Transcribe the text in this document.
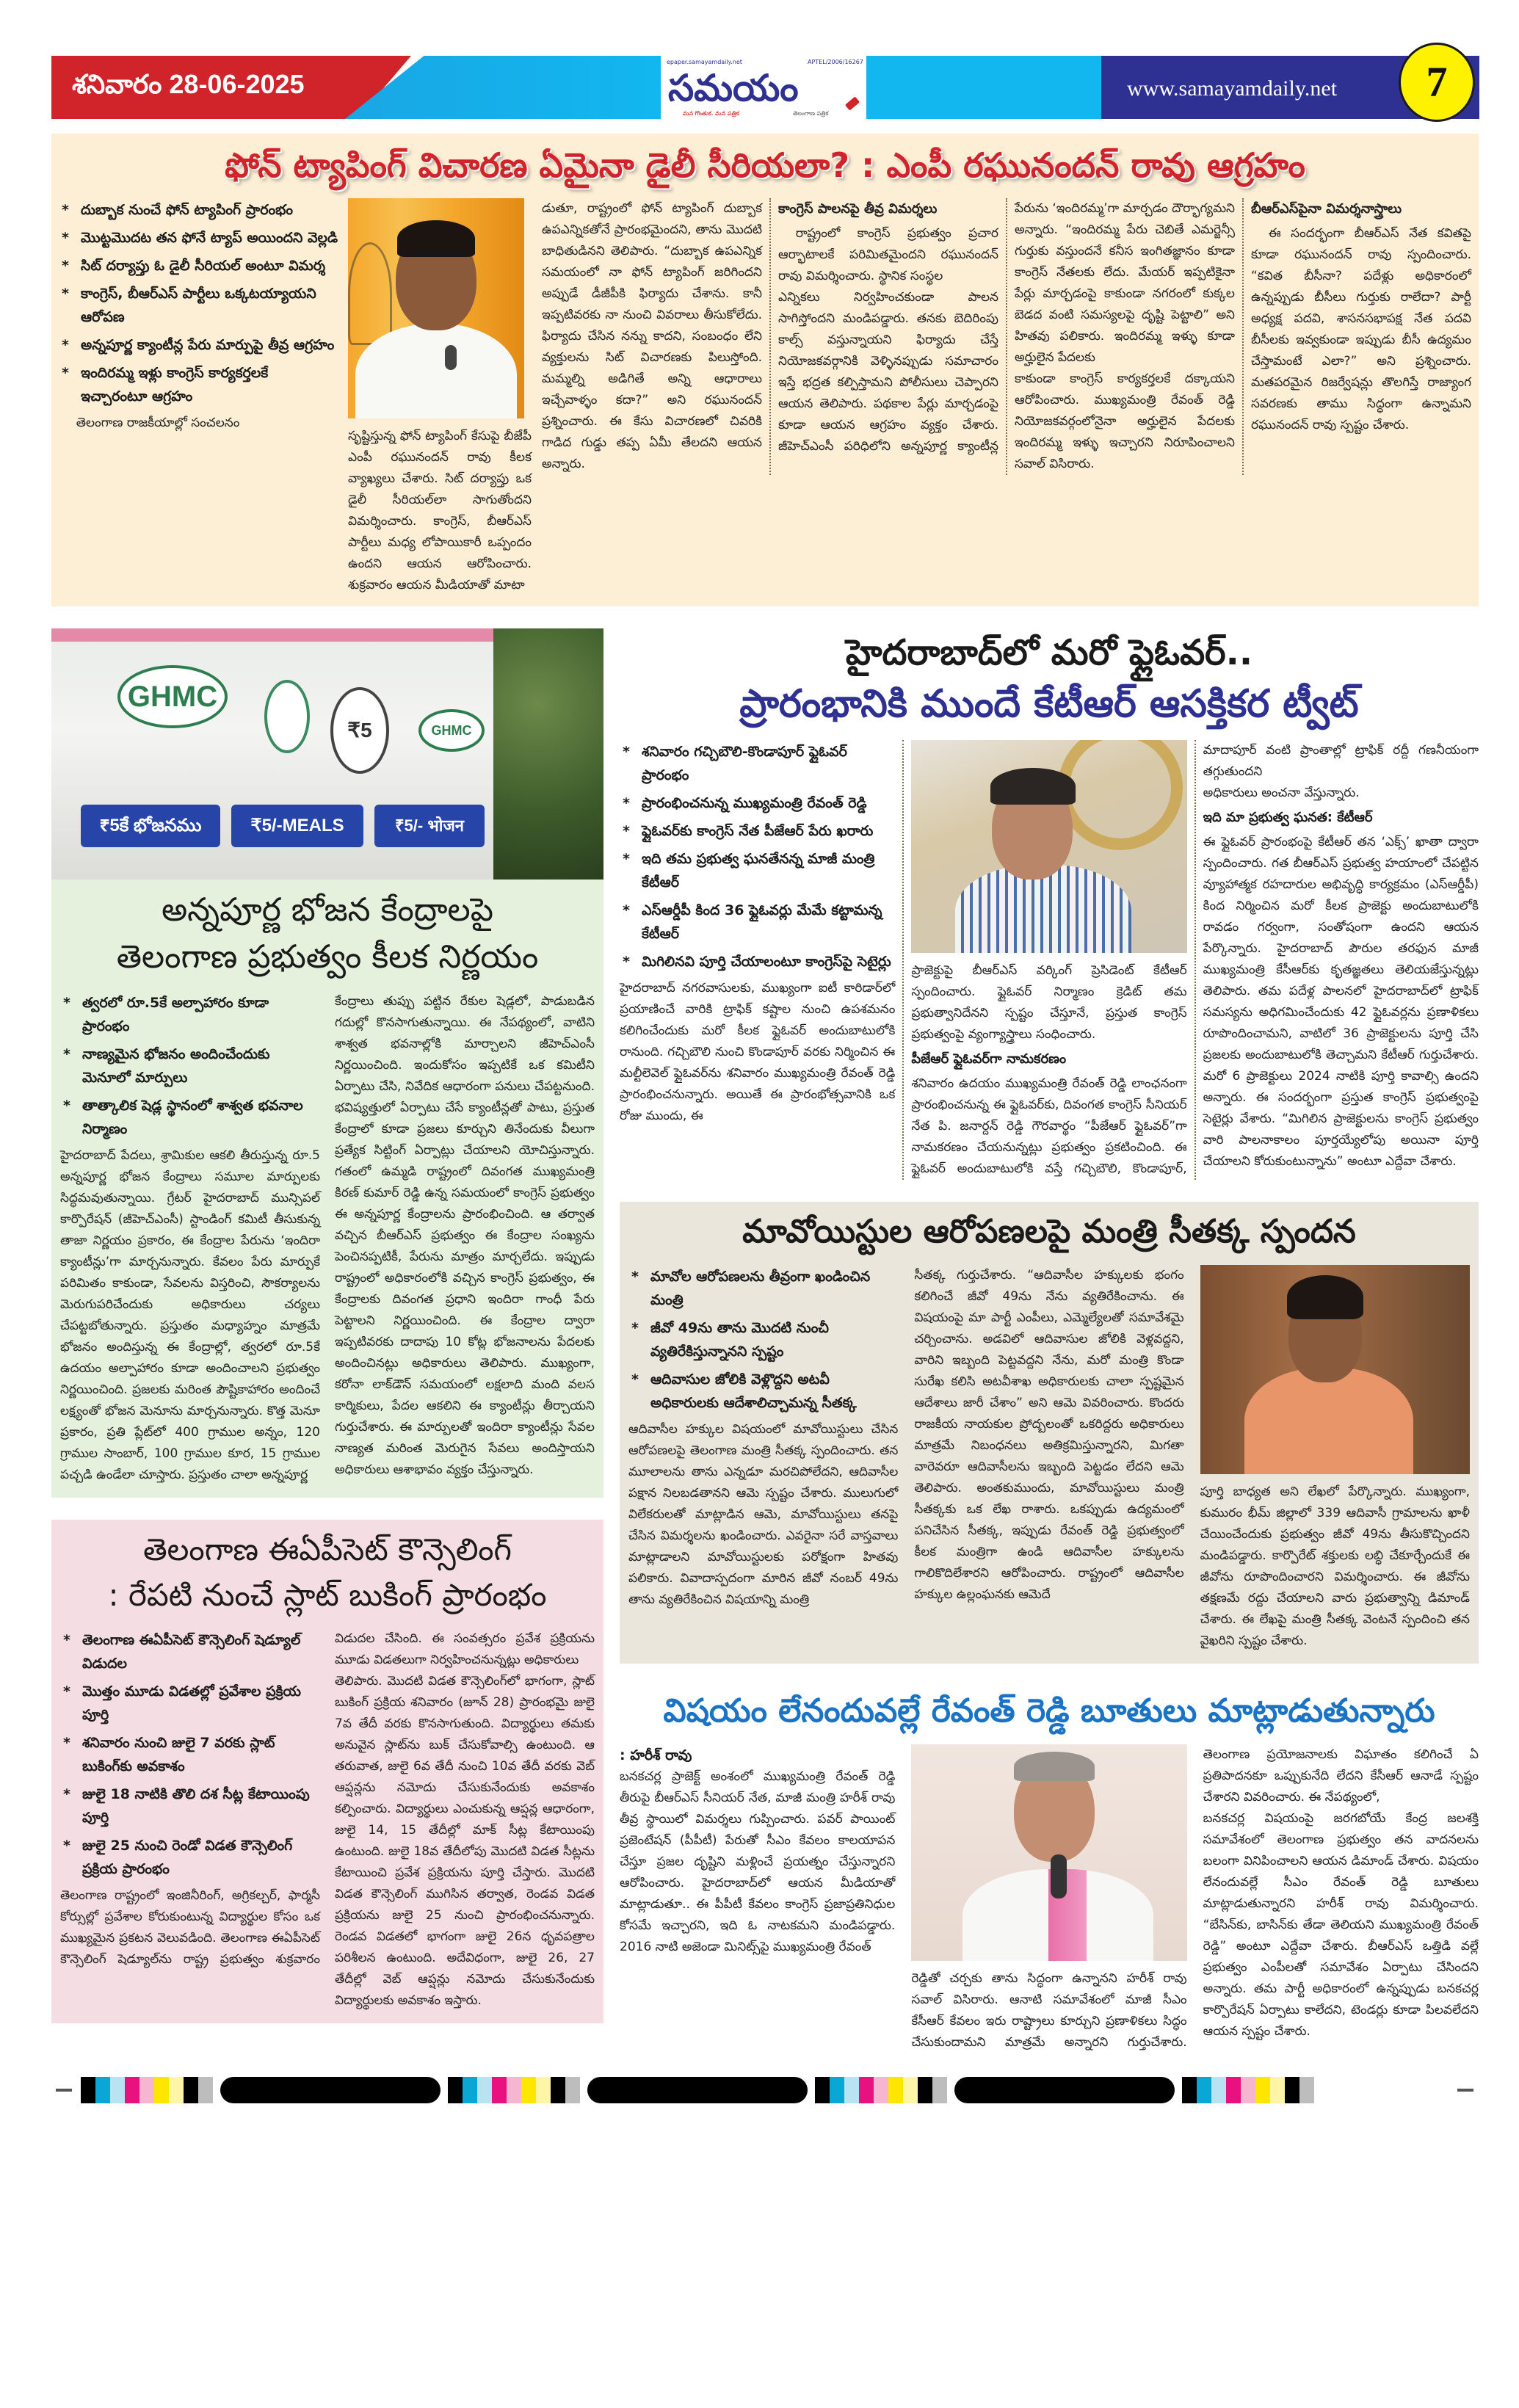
శనివారం 28-06-2025
epaper.samayamdaily.net	APTEL/2006/16267
సమయం
మన గొంతుక. మన పత్రిక	తెలంగాణ పత్రిక
www.samayamdaily.net	7
ఫోన్ ట్యాపింగ్ విచారణ ఏమైనా డైలీ సీరియలా? : ఎంపీ రఘునందన్ రావు ఆగ్రహం
* దుబ్బాక నుంచే ఫోన్ ట్యాపింగ్ ప్రారంభం
* మొట్టమొదట తన ఫోనే ట్యాప్ అయిందని వెల్లడి
* సిట్ దర్యాప్తు ఓ డైలీ సీరియల్ అంటూ విమర్శ
* కాంగ్రెస్, బీఆర్ఎస్ పార్టీలు ఒక్కటయ్యాయని ఆరోపణ
* అన్నపూర్ణ క్యాంటీన్ల పేరు మార్పుపై తీవ్ర ఆగ్రహం
* ఇందిరమ్మ ఇళ్లు కాంగ్రెస్ కార్యకర్తలకే ఇచ్చారంటూ ఆగ్రహం

తెలంగాణ రాజకీయాల్లో సంచలనం

సృష్టిస్తున్న ఫోన్ ట్యాపింగ్ కేసుపై బీజేపీ ఎంపీ రఘునందన్ రావు కీలక వ్యాఖ్యలు చేశారు. సిట్ దర్యాప్తు ఒక డైలీ సీరియల్‌లా సాగుతోందని విమర్శించారు. కాంగ్రెస్, బీఆర్ఎస్ పార్టీలు మధ్య లోపాయికారీ ఒప్పందం ఉందని ఆయన ఆరోపించారు. శుక్రవారం ఆయన మీడియాతో మాటా
డుతూ, రాష్ట్రంలో ఫోన్ ట్యాపింగ్ దుబ్బాక ఉపఎన్నికతోనే ప్రారంభమైందని, తాను మొదటి బాధితుడినని తెలిపారు. “దుబ్బాక ఉపఎన్నిక సమయంలో నా ఫోన్ ట్యాపింగ్ జరిగిందని అప్పుడే డీజీపీకి ఫిర్యాదు చేశాను. కానీ ఇప్పటివరకు నా నుంచి వివరాలు తీసుకోలేదు. ఫిర్యాదు చేసిన నన్ను కాదని, సంబంధం లేని వ్యక్తులను సిట్ విచారణకు పిలుస్తోంది. మమ్మల్ని అడిగితే అన్ని ఆధారాలు ఇచ్చేవాళ్ళం కదా?” అని రఘునందన్ ప్రశ్నించారు. ఈ కేసు విచారణలో చివరికి గాడిద గుడ్డు తప్ప ఏమీ తేలదని ఆయన అన్నారు.
కాంగ్రెస్ పాలనపై తీవ్ర విమర్శలు

రాష్ట్రంలో కాంగ్రెస్ ప్రభుత్వం ప్రచార ఆర్భాటాలకే పరిమితమైందని రఘునందన్ రావు విమర్శించారు. స్థానిక సంస్థల

ఎన్నికలు నిర్వహించకుండా పాలన సాగిస్తోందని మండిపడ్డారు. తనకు బెదిరింపు కాల్స్ వస్తున్నాయని ఫిర్యాదు చేస్తే నియోజకవర్గానికి వెళ్ళినప్పుడు సమాచారం ఇస్తే భద్రత కల్పిస్తామని పోలీసులు చెప్పారని ఆయన తెలిపారు. పథకాల పేర్లు మార్చడంపై కూడా ఆయన ఆగ్రహం వ్యక్తం చేశారు. జీహెచ్ఎంసీ పరిధిలోని అన్నపూర్ణ క్యాంటీన్ల పేరును ‘ఇందిరమ్మ’గా మార్చడం దౌర్భాగ్యమని అన్నారు. “ఇందిరమ్మ పేరు చెబితే ఎమర్జెన్సీ గుర్తుకు వస్తుందనే కనీస ఇంగితజ్ఞానం కూడా కాంగ్రెస్ నేతలకు లేదు. మేయర్ ఇప్పటికైనా పేర్లు మార్చడంపై కాకుండా నగరంలో కుక్కల బెడద వంటి సమస్యలపై దృష్టి పెట్టాలి” అని హితవు పలికారు. ఇందిరమ్మ ఇళ్ళు కూడా అర్హులైన పేదలకు
కాకుండా కాంగ్రెస్ కార్యకర్తలకే దక్కాయని ఆరోపించారు. ముఖ్యమంత్రి రేవంత్ రెడ్డి నియోజకవర్గంలోనైనా అర్హులైన పేదలకు ఇందిరమ్మ ఇళ్ళు ఇచ్చారని నిరూపించాలని సవాల్ విసిరారు.
బీఆర్ఎస్‌పైనా విమర్శనాస్త్రాలు

ఈ సందర్భంగా బీఆర్ఎస్ నేత కవితపై కూడా రఘునందన్ రావు స్పందించారు. “కవిత బీసీనా? పదేళ్లు అధికారంలో ఉన్నప్పుడు బీసీలు గుర్తుకు రాలేదా? పార్టీ అధ్యక్ష పదవి, శాసనసభాపక్ష నేత పదవి బీసీలకు ఇవ్వకుండా ఇప్పుడు బీసీ ఉద్యమం చేస్తామంటే ఎలా?” అని ప్రశ్నించారు. మతపరమైన రిజర్వేషన్లు తొలగిస్తే రాజ్యాంగ సవరణకు తాము సిద్ధంగా ఉన్నామని రఘునందన్ రావు స్పష్టం చేశారు.

GHMC
₹5	GHMC
₹5కే భోజనము	₹5/-MEALS	₹5/- भोजन
అన్నపూర్ణ భోజన కేంద్రాలపై
తెలంగాణ ప్రభుత్వం కీలక నిర్ణయం
* త్వరలో రూ.5కే అల్పాహారం కూడా ప్రారంభం
* నాణ్యమైన భోజనం అందించేందుకు మెనూలో మార్పులు
* తాత్కాలిక షెడ్ల స్థానంలో శాశ్వత భవనాల నిర్మాణం

హైదరాబాద్ పేదలు, శ్రామికుల ఆకలి తీరుస్తున్న రూ.5 అన్నపూర్ణ భోజన కేంద్రాలు సమూల మార్పులకు సిద్ధమవుతున్నాయి. గ్రేటర్ హైదరాబాద్ మున్సిపల్ కార్పొరేషన్ (జీహెచ్ఎంసీ) స్టాండింగ్ కమిటీ తీసుకున్న తాజా నిర్ణయం ప్రకారం, ఈ కేంద్రాల పేరును ‘ఇందిరా క్యాంటీన్లు’గా మార్చనున్నారు. కేవలం పేరు మార్పుకే పరిమితం కాకుండా, సేవలను విస్తరించి, సౌకర్యాలను మెరుగుపరిచేందుకు అధికారులు చర్యలు చేపట్టబోతున్నారు. ప్రస్తుతం మధ్యాహ్నం మాత్రమే భోజనం అందిస్తున్న ఈ కేంద్రాల్లో, త్వరలో రూ.5కే ఉదయం అల్పాహారం కూడా అందించాలని ప్రభుత్వం నిర్ణయించింది. ప్రజలకు మరింత పౌష్టికాహారం అందించే లక్ష్యంతో భోజన మెనూను మార్చనున్నారు. కొత్త మెనూ ప్రకారం, ప్రతి ప్లేట్‌లో 400 గ్రాముల అన్నం, 120 గ్రాముల సాంబార్, 100 గ్రాముల కూర, 15 గ్రాముల పచ్చడి ఉండేలా చూస్తారు. ప్రస్తుతం చాలా అన్నపూర్ణ

కేంద్రాలు తుప్పు పట్టిన రేకుల షెడ్లలో, పాడుబడిన గదుల్లో కొనసాగుతున్నాయి. ఈ నేపథ్యంలో, వాటిని శాశ్వత భవనాల్లోకి మార్చాలని జీహెచ్ఎంసీ నిర్ణయించింది. ఇందుకోసం ఇప్పటికే ఒక కమిటీని ఏర్పాటు చేసి, నివేదిక ఆధారంగా పనులు చేపట్టనుంది. భవిష్యత్తులో ఏర్పాటు చేసే క్యాంటీన్లతో పాటు, ప్రస్తుత కేంద్రాలో కూడా ప్రజలు కూర్చుని తినేందుకు వీలుగా ప్రత్యేక సిట్టింగ్ ఏర్పాట్లు చేయాలని యోచిస్తున్నారు. గతంలో ఉమ్మడి రాష్ట్రంలో దివంగత ముఖ్యమంత్రి కిరణ్ కుమార్ రెడ్డి ఉన్న సమయంలో కాంగ్రెస్ ప్రభుత్వం ఈ అన్నపూర్ణ కేంద్రాలను ప్రారంభించింది. ఆ తర్వాత వచ్చిన బీఆర్ఎస్ ప్రభుత్వం ఈ కేంద్రాల సంఖ్యను పెంచినప్పటికీ, పేరును మాత్రం మార్చలేదు. ఇప్పుడు రాష్ట్రంలో అధికారంలోకి వచ్చిన కాంగ్రెస్ ప్రభుత్వం, ఈ కేంద్రాలకు దివంగత ప్రధాని ఇందిరా గాంధీ పేరు పెట్టాలని నిర్ణయించింది. ఈ కేంద్రాల ద్వారా ఇప్పటివరకు దాదాపు 10 కోట్ల భోజనాలను పేదలకు అందించినట్లు అధికారులు తెలిపారు. ముఖ్యంగా, కరోనా లాక్‌డౌన్ సమయంలో లక్షలాది మంది వలస కార్మికులు, పేదల ఆకలిని ఈ క్యాంటీన్లు తీర్చాయని గుర్తుచేశారు. ఈ మార్పులతో ఇందిరా క్యాంటీన్లు సేవల నాణ్యత మరింత మెరుగైన సేవలు అందిస్తాయని అధికారులు ఆశాభావం వ్యక్తం చేస్తున్నారు.
తెలంగాణ ఈఏపీసెట్ కౌన్సెలింగ్
: రేపటి నుంచే స్లాట్ బుకింగ్ ప్రారంభం
* తెలంగాణ ఈఏపీసెట్ కౌన్సెలింగ్ షెడ్యూల్ విడుదల
* మొత్తం మూడు విడతల్లో ప్రవేశాల ప్రక్రియ పూర్తి
* శనివారం నుంచి జులై 7 వరకు స్లాట్ బుకింగ్‌కు అవకాశం
* జులై 18 నాటికి తొలి దశ సీట్ల కేటాయింపు పూర్తి
* జులై 25 నుంచి రెండో విడత కౌన్సెలింగ్ ప్రక్రియ ప్రారంభం

తెలంగాణ రాష్ట్రంలో ఇంజినీరింగ్, అగ్రికల్చర్, ఫార్మసీ కోర్సుల్లో ప్రవేశాల కోరుకుంటున్న విద్యార్థుల కోసం ఒక ముఖ్యమైన ప్రకటన వెలువడింది. తెలంగాణ ఈఏపీసెట్ కౌన్సెలింగ్ షెడ్యూల్‌ను రాష్ట్ర ప్రభుత్వం శుక్రవారం విడుదల చేసింది. ఈ సంవత్సరం ప్రవేశ ప్రక్రియను మూడు విడతలుగా నిర్వహించనున్నట్లు అధికారులు

తెలిపారు. మొదటి విడత కౌన్సెలింగ్‌లో భాగంగా, స్లాట్ బుకింగ్ ప్రక్రియ శనివారం (జూన్ 28) ప్రారంభమై జులై 7వ తేదీ వరకు కొనసాగుతుంది. విద్యార్థులు తమకు అనువైన స్లాట్‌ను బుక్ చేసుకోవాల్సి ఉంటుంది. ఆ తరువాత, జులై 6వ తేదీ నుంచి 10వ తేదీ వరకు వెబ్ ఆప్షన్లను నమోదు చేసుకునేందుకు అవకాశం కల్పించారు. విద్యార్థులు ఎంచుకున్న ఆప్షన్ల ఆధారంగా, జులై 14, 15 తేదీల్లో మాక్ సీట్ల కేటాయింపు ఉంటుంది. జులై 18వ తేదీలోపు మొదటి విడత సీట్లను కేటాయించి ప్రవేశ ప్రక్రియను పూర్తి చేస్తారు. మొదటి విడత కౌన్సెలింగ్ ముగిసిన తర్వాత, రెండవ విడత ప్రక్రియను జులై 25 నుంచి ప్రారంభించనున్నారు. రెండవ విడతలో భాగంగా జులై 26న ధృవపత్రాల పరిశీలన ఉంటుంది. అదేవిధంగా, జులై 26, 27 తేదీల్లో వెబ్ ఆప్షన్లు నమోదు చేసుకునేందుకు విద్యార్థులకు అవకాశం ఇస్తారు.
హైదరాబాద్‌లో మరో ఫ్లైఓవర్..
ప్రారంభానికి ముందే కేటీఆర్ ఆసక్తికర ట్వీట్
* శనివారం గచ్చిబౌలి-కొండాపూర్ ఫ్లైఓవర్ ప్రారంభం
* ప్రారంభించనున్న ముఖ్యమంత్రి రేవంత్ రెడ్డి
* ఫ్లైఓవర్‌కు కాంగ్రెస్ నేత పీజేఆర్ పేరు ఖరారు
* ఇది తమ ప్రభుత్వ ఘనతేనన్న మాజీ మంత్రి కేటీఆర్
* ఎస్ఆర్డీపీ కింద 36 ఫ్లైఓవర్లు మేమే కట్టామన్న కేటీఆర్
* మిగిలినవి పూర్తి చేయాలంటూ కాంగ్రెస్‌పై సెటైర్లు

హైదరాబాద్ నగరవాసులకు, ముఖ్యంగా ఐటీ కారిడార్‌లో ప్రయాణించే వారికి ట్రాఫిక్ కష్టాల నుంచి ఉపశమనం కలిగించేందుకు మరో కీలక ఫ్లైఓవర్ అందుబాటులోకి రానుంది. గచ్చిబౌలి నుంచి కొండాపూర్ వరకు నిర్మించిన ఈ మల్టీలెవెల్ ఫ్లైఓవర్‌ను శనివారం ముఖ్యమంత్రి రేవంత్ రెడ్డి ప్రారంభించనున్నారు. అయితే ఈ ప్రారంభోత్సవానికి ఒక రోజు ముందు, ఈ

ప్రాజెక్టుపై బీఆర్ఎస్ వర్కింగ్ ప్రెసిడెంట్ కేటీఆర్ స్పందించారు. ఫ్లైఓవర్ నిర్మాణం క్రెడిట్ తమ ప్రభుత్వానిదేనని స్పష్టం చేస్తూనే, ప్రస్తుత కాంగ్రెస్ ప్రభుత్వంపై వ్యంగ్యాస్త్రాలు సంధించారు.
పీజేఆర్ ఫ్లైఓవర్‌గా నామకరణం

శనివారం ఉదయం ముఖ్యమంత్రి రేవంత్ రెడ్డి లాంఛనంగా ప్రారంభించనున్న ఈ ఫ్లైఓవర్‌కు, దివంగత కాంగ్రెస్ సీనియర్ నేత పి. జనార్దన్ రెడ్డి గౌరవార్థం “పీజేఆర్ ఫ్లైఓవర్”గా నామకరణం చేయనున్నట్లు ప్రభుత్వం ప్రకటించింది. ఈ ఫ్లైఓవర్ అందుబాటులోకి వస్తే గచ్చిబౌలి, కొండాపూర్, మాదాపూర్ వంటి ప్రాంతాల్లో ట్రాఫిక్ రద్దీ గణనీయంగా తగ్గుతుందని

అధికారులు అంచనా వేస్తున్నారు.
ఇది మా ప్రభుత్వ ఘనత: కేటీఆర్

ఈ ఫ్లైఓవర్ ప్రారంభంపై కేటీఆర్ తన ‘ఎక్స్’ ఖాతా ద్వారా స్పందించారు. గత బీఆర్ఎస్ ప్రభుత్వ హయాంలో చేపట్టిన వ్యూహాత్మక రహదారుల అభివృద్ధి కార్యక్రమం (ఎస్ఆర్డీపీ) కింద నిర్మించిన మరో కీలక ప్రాజెక్టు అందుబాటులోకి రావడం గర్వంగా, సంతోషంగా ఉందని ఆయన పేర్కొన్నారు. హైదరాబాద్ పౌరుల తరఫున మాజీ ముఖ్యమంత్రి కేసీఆర్‌కు కృతజ్ఞతలు తెలియజేస్తున్నట్లు తెలిపారు. తమ పదేళ్ల పాలనలో హైదరాబాద్‌లో ట్రాఫిక్ సమస్యను అధిగమించేందుకు 42 ఫ్లైఓవర్లను ప్రణాళికలు రూపొందించామని, వాటిలో 36 ప్రాజెక్టులను పూర్తి చేసి ప్రజలకు అందుబాటులోకి తెచ్చామని కేటీఆర్ గుర్తుచేశారు. మరో 6 ప్రాజెక్టులు 2024 నాటికి పూర్తి కావాల్సి ఉందని అన్నారు. ఈ సందర్భంగా ప్రస్తుత కాంగ్రెస్ ప్రభుత్వంపై సెటైర్లు వేశారు. “మిగిలిన ప్రాజెక్టులను కాంగ్రెస్ ప్రభుత్వం వారి పాలనాకాలం పూర్తయ్యేలోపు అయినా పూర్తి చేయాలని కోరుకుంటున్నాను” అంటూ ఎద్దేవా చేశారు.

మావోయిస్టుల ఆరోపణలపై మంత్రి సీతక్క స్పందన
* మావోల ఆరోపణలను తీవ్రంగా ఖండించిన మంత్రి
* జీవో 49ను తాను మొదటి నుంచీ వ్యతిరేకిస్తున్నానని స్పష్టం
* ఆదివాసుల జోలికి వెళ్లొద్దని అటవీ అధికారులకు ఆదేశాలిచ్చామన్న సీతక్క

ఆదివాసీల హక్కుల విషయంలో మావోయిస్టులు చేసిన ఆరోపణలపై తెలంగాణ మంత్రి సీతక్క స్పందించారు. తన మూలాలను తాను ఎన్నడూ మరచిపోలేదని, ఆదివాసీల పక్షాన నిలబడతానని ఆమె స్పష్టం చేశారు. ములుగులో విలేకరులతో మాట్లాడిన ఆమె, మావోయిస్టులు తనపై చేసిన విమర్శలను ఖండించారు. ఎవరైనా సరే వాస్తవాలు మాట్లాడాలని మావోయిస్టులకు పరోక్షంగా హితవు పలికారు. వివాదాస్పదంగా మారిన జీవో నంబర్ 49ను తాను వ్యతిరేకించిన విషయాన్ని మంత్రి

సీతక్క గుర్తుచేశారు. “ఆదివాసీల హక్కులకు భంగం కలిగించే జీవో 49ను నేను వ్యతిరేకించాను. ఈ విషయంపై మా పార్టీ ఎంపీలు, ఎమ్మెల్యేలతో సమావేశమై చర్చించాను. అడవిలో ఆదివాసుల జోలికి వెళ్లవద్దని, వారిని ఇబ్బంది పెట్టవద్దని నేను, మరో మంత్రి కొండా సురేఖ కలిసి అటవీశాఖ అధికారులకు చాలా స్పష్టమైన ఆదేశాలు జారీ చేశాం” అని ఆమె వివరించారు. కొందరు రాజకీయ నాయకుల ప్రోద్బలంతో ఒకరిద్దరు అధికారులు మాత్రమే నిబంధనలు అతిక్రమిస్తున్నారని, మిగతా వారెవరూ ఆదివాసీలను ఇబ్బంది పెట్టడం లేదని ఆమె తెలిపారు. అంతకుముందు, మావోయిస్టులు మంత్రి సీతక్కకు ఒక లేఖ రాశారు. ఒకప్పుడు ఉద్యమంలో పనిచేసిన సీతక్క, ఇప్పుడు రేవంత్ రెడ్డి ప్రభుత్వంలో కీలక మంత్రిగా ఉండి ఆదివాసీల హక్కులను గాలికొదిలేశారని ఆరోపించారు. రాష్ట్రంలో ఆదివాసీల హక్కుల ఉల్లంఘనకు ఆమెదే

పూర్తి బాధ్యత అని లేఖలో పేర్కొన్నారు. ముఖ్యంగా, కుమురం భీమ్ జిల్లాలో 339 ఆదివాసీ గ్రామాలను ఖాళీ చేయించేందుకు ప్రభుత్వం జీవో 49ను తీసుకొచ్చిందని మండిపడ్డారు. కార్పొరేట్ శక్తులకు లబ్ధి చేకూర్చేందుకే ఈ జీవోను రూపొందించారని విమర్శించారు. ఈ జీవోను తక్షణమే రద్దు చేయాలని వారు ప్రభుత్వాన్ని డిమాండ్ చేశారు. ఈ లేఖపై మంత్రి సీతక్క వెంటనే స్పందించి తన వైఖరిని స్పష్టం చేశారు.
విషయం లేనందువల్లే రేవంత్ రెడ్డి బూతులు మాట్లాడుతున్నారు
: హరీశ్ రావు

బనకచర్ల ప్రాజెక్ట్ అంశంలో ముఖ్యమంత్రి రేవంత్ రెడ్డి తీరుపై బీఆర్ఎస్ సీనియర్ నేత, మాజీ మంత్రి హరీశ్ రావు తీవ్ర స్థాయిలో విమర్శలు గుప్పించారు. పవర్ పాయింట్ ప్రజెంటేషన్ (పీపీటీ) పేరుతో సీఎం కేవలం కాలయాపన చేస్తూ ప్రజల దృష్టిని మళ్లించే ప్రయత్నం చేస్తున్నారని ఆరోపించారు. హైదరాబాద్‌లో ఆయన మీడియాతో మాట్లాడుతూ.. ఈ పీపీటీ కేవలం కాంగ్రెస్ ప్రజాప్రతినిధుల కోసమే ఇచ్చారని, ఇది ఓ నాటకమని మండిపడ్డారు. 2016 నాటి అజెండా మినిట్స్‌పై ముఖ్యమంత్రి రేవంత్

రెడ్డితో చర్చకు తాను సిద్ధంగా ఉన్నానని హరీశ్ రావు సవాల్ విసిరారు. ఆనాటి సమావేశంలో మాజీ సీఎం కేసీఆర్ కేవలం ఇరు రాష్ట్రాలు కూర్చుని ప్రణాళికలు సిద్ధం చేసుకుందామని మాత్రమే అన్నారని గుర్తుచేశారు. తెలంగాణ ప్రయోజనాలకు విఘాతం కలిగించే ఏ ప్రతిపాదనకూ ఒప్పుకునేది లేదని కేసీఆర్ ఆనాడే స్పష్టం చేశారని వివరించారు. ఈ నేపథ్యంలో,

బనకచర్ల విషయంపై జరగబోయే కేంద్ర జలశక్తి సమావేశంలో తెలంగాణ ప్రభుత్వం తన వాదనలను బలంగా వినిపించాలని ఆయన డిమాండ్ చేశారు. విషయం లేనందువల్లే సీఎం రేవంత్ రెడ్డి బూతులు మాట్లాడుతున్నారని హరీశ్ రావు విమర్శించారు. “బేసిన్‌కు, బాసిన్‌కు తేడా తెలియని ముఖ్యమంత్రి రేవంత్ రెడ్డి” అంటూ ఎద్దేవా చేశారు. బీఆర్ఎస్ ఒత్తిడి వల్లే ప్రభుత్వం ఎంపీలతో సమావేశం ఏర్పాటు చేసిందని అన్నారు. తమ పార్టీ అధికారంలో ఉన్నప్పుడు బనకచర్ల కార్పొరేషన్ ఏర్పాటు కాలేదని, టెండర్లు కూడా పిలవలేదని ఆయన స్పష్టం చేశారు.
